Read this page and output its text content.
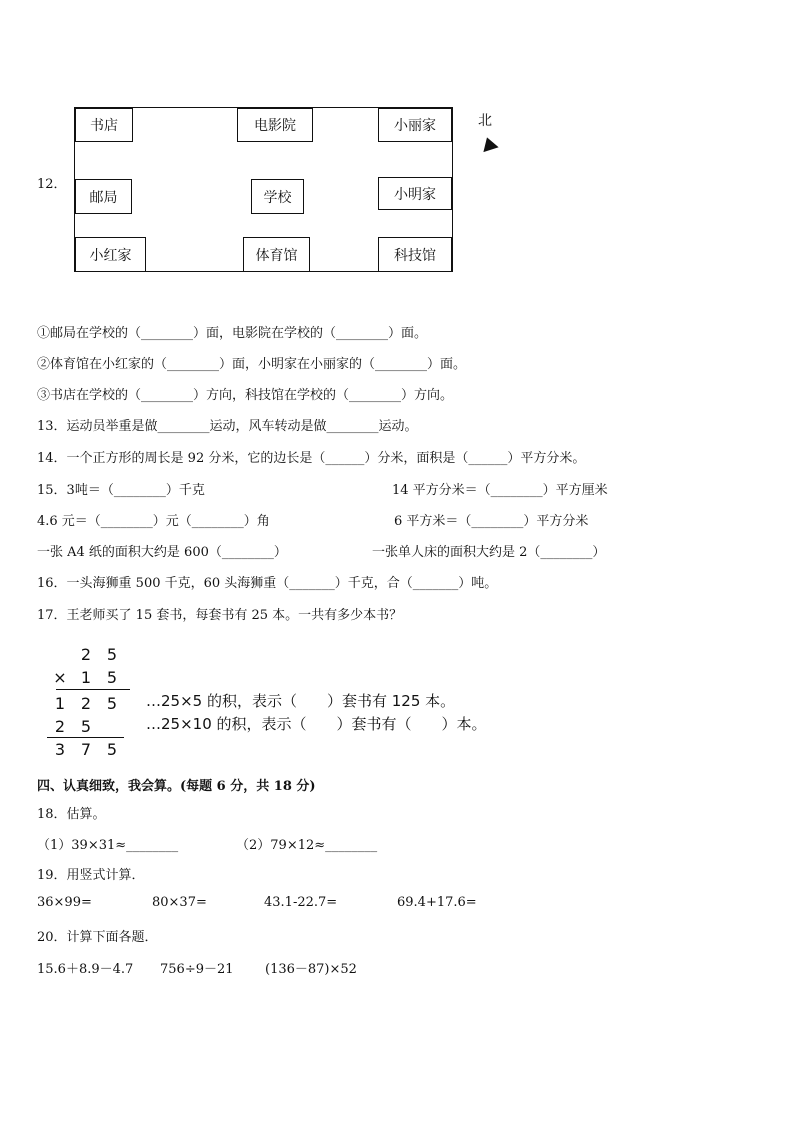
12．
书店	电影院	小丽家
邮局	学校	小明家
小红家	体育馆	科技馆
北
①邮局在学校的（________）面，电影院在学校的（________）面。
②体育馆在小红家的（________）面，小明家在小丽家的（________）面。
③书店在学校的（________）方向，科技馆在学校的（________）方向。
13．运动员举重是做________运动，风车转动是做________运动。
14．一个正方形的周长是 92 分米，它的边长是（______）分米，面积是（______）平方分米。
15．3吨＝（________）千克	14 平方分米＝（________）平方厘米
4.6 元＝（________）元（________）角	6 平方米＝（________）平方分米
一张 A4 纸的面积大约是 600（________）	一张单人床的面积大约是 2（________）
16．一头海狮重 500 千克，60 头海狮重（_______）千克，合（_______）吨。
17．王老师买了 15 套书，每套书有 25 本。一共有多少本书？
2 5
× 1 5
1 2 5
2 5
3 7 5
…25×5 的积，表示（　　）套书有 125 本。
…25×10 的积，表示（　　）套书有（　　）本。
四、认真细致，我会算。(每题 6 分，共 18 分)
18．估算。
（1）39×31≈________	（2）79×12≈________
19．用竖式计算．
36×99=	80×37=	43.1-22.7=	69.4+17.6=
20．计算下面各题．
15.6＋8.9－4.7 756÷9－21 (136－87)×52
